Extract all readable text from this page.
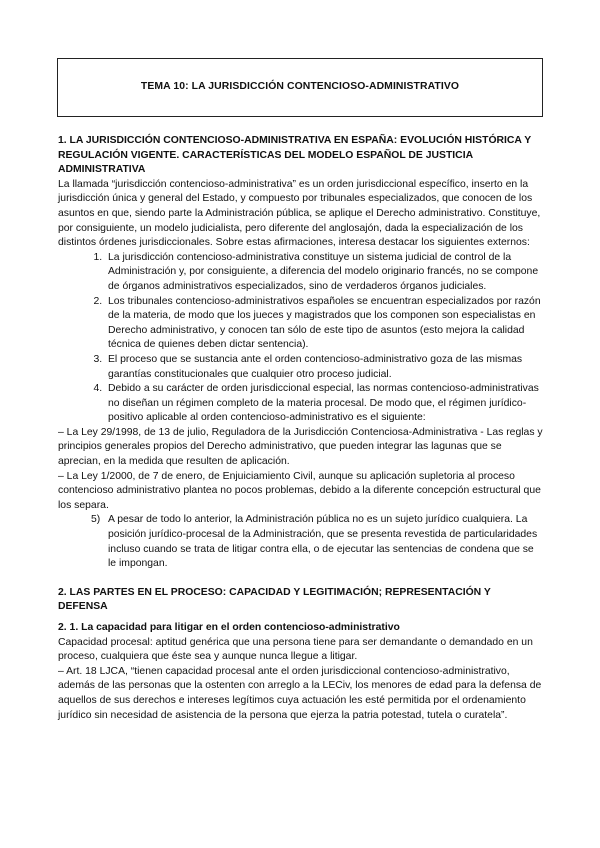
TEMA 10: LA JURISDICCIÓN CONTENCIOSO-ADMINISTRATIVO

1. LA JURISDICCIÓN CONTENCIOSO-ADMINISTRATIVA EN ESPAÑA: EVOLUCIÓN HISTÓRICA Y REGULACIÓN VIGENTE. CARACTERÍSTICAS DEL MODELO ESPAÑOL DE JUSTICIA ADMINISTRATIVA

La llamada “jurisdicción contencioso-administrativa” es un orden jurisdiccional específico, inserto en la jurisdicción única y general del Estado, y compuesto por tribunales especializados, que conocen de los asuntos en que, siendo parte la Administración pública, se aplique el Derecho administrativo. Constituye, por consiguiente, un modelo judicialista, pero diferente del anglosajón, dada la especialización de los distintos órdenes jurisdiccionales. Sobre estas afirmaciones, interesa destacar los siguientes externos:

1. La jurisdicción contencioso-administrativa constituye un sistema judicial de control de la Administración y, por consiguiente, a diferencia del modelo originario francés, no se compone de órganos administrativos especializados, sino de verdaderos órganos judiciales.
2. Los tribunales contencioso-administrativos españoles se encuentran especializados por razón de la materia, de modo que los jueces y magistrados que los componen son especialistas en Derecho administrativo, y conocen tan sólo de este tipo de asuntos (esto mejora la calidad técnica de quienes deben dictar sentencia).
3. El proceso que se sustancia ante el orden contencioso-administrativo goza de las mismas garantías constitucionales que cualquier otro proceso judicial.
4. Debido a su carácter de orden jurisdiccional especial, las normas contencioso-administrativas no diseñan un régimen completo de la materia procesal. De modo que, el régimen jurídico-positivo aplicable al orden contencioso-administrativo es el siguiente:

– La Ley 29/1998, de 13 de julio, Reguladora de la Jurisdicción Contenciosa-Administrativa - Las reglas y principios generales propios del Derecho administrativo, que pueden integrar las lagunas que se aprecian, en la medida que resulten de aplicación.

– La Ley 1/2000, de 7 de enero, de Enjuiciamiento Civil, aunque su aplicación supletoria al proceso contencioso administrativo plantea no pocos problemas, debido a la diferente concepción estructural que los separa.

5) A pesar de todo lo anterior, la Administración pública no es un sujeto jurídico cualquiera. La posición jurídico-procesal de la Administración, que se presenta revestida de particularidades incluso cuando se trata de litigar contra ella, o de ejecutar las sentencias de condena que se le impongan.

2. LAS PARTES EN EL PROCESO: CAPACIDAD Y LEGITIMACIÓN; REPRESENTACIÓN Y DEFENSA

2. 1. La capacidad para litigar en el orden contencioso-administrativo

Capacidad procesal: aptitud genérica que una persona tiene para ser demandante o demandado en un proceso, cualquiera que éste sea y aunque nunca llegue a litigar.

– Art. 18 LJCA, “tienen capacidad procesal ante el orden jurisdiccional contencioso-administrativo, además de las personas que la ostenten con arreglo a la LECiv, los menores de edad para la defensa de aquellos de sus derechos e intereses legítimos cuya actuación les esté permitida por el ordenamiento jurídico sin necesidad de asistencia de la persona que ejerza la patria potestad, tutela o curatela”.
